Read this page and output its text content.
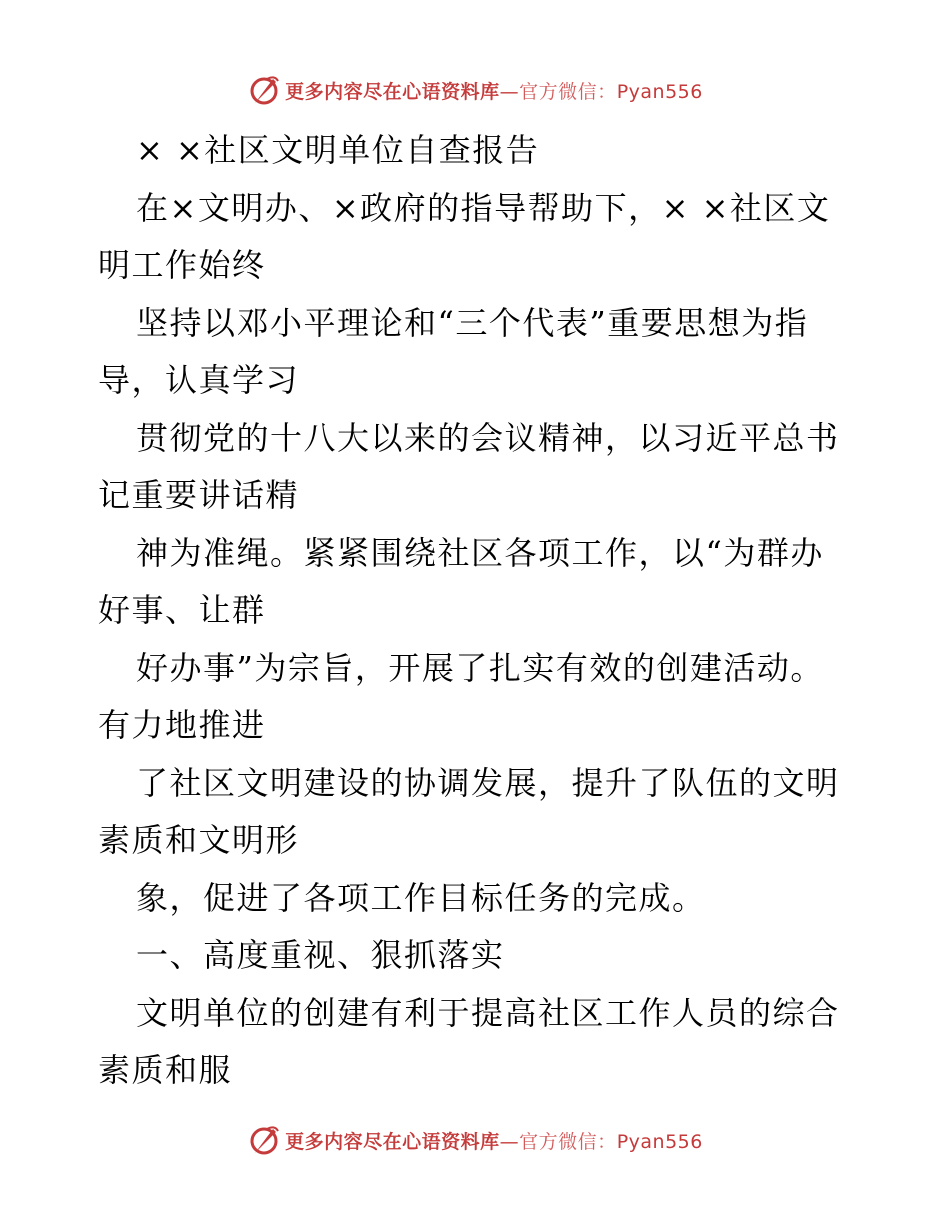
更多内容尽在心语资料库—官方微信：Pyan556
× ×社区文明单位自查报告
在×文明办、×政府的指导帮助下，× ×社区文
明工作始终
坚持以邓小平理论和“三个代表”重要思想为指
导，认真学习
贯彻党的十八大以来的会议精神，以习近平总书
记重要讲话精
神为准绳。紧紧围绕社区各项工作，以“为群办
好事、让群
好办事”为宗旨，开展了扎实有效的创建活动。
有力地推进
了社区文明建设的协调发展，提升了队伍的文明
素质和文明形
象，促进了各项工作目标任务的完成。
一、高度重视、狠抓落实
文明单位的创建有利于提高社区工作人员的综合
素质和服
更多内容尽在心语资料库—官方微信：Pyan556
